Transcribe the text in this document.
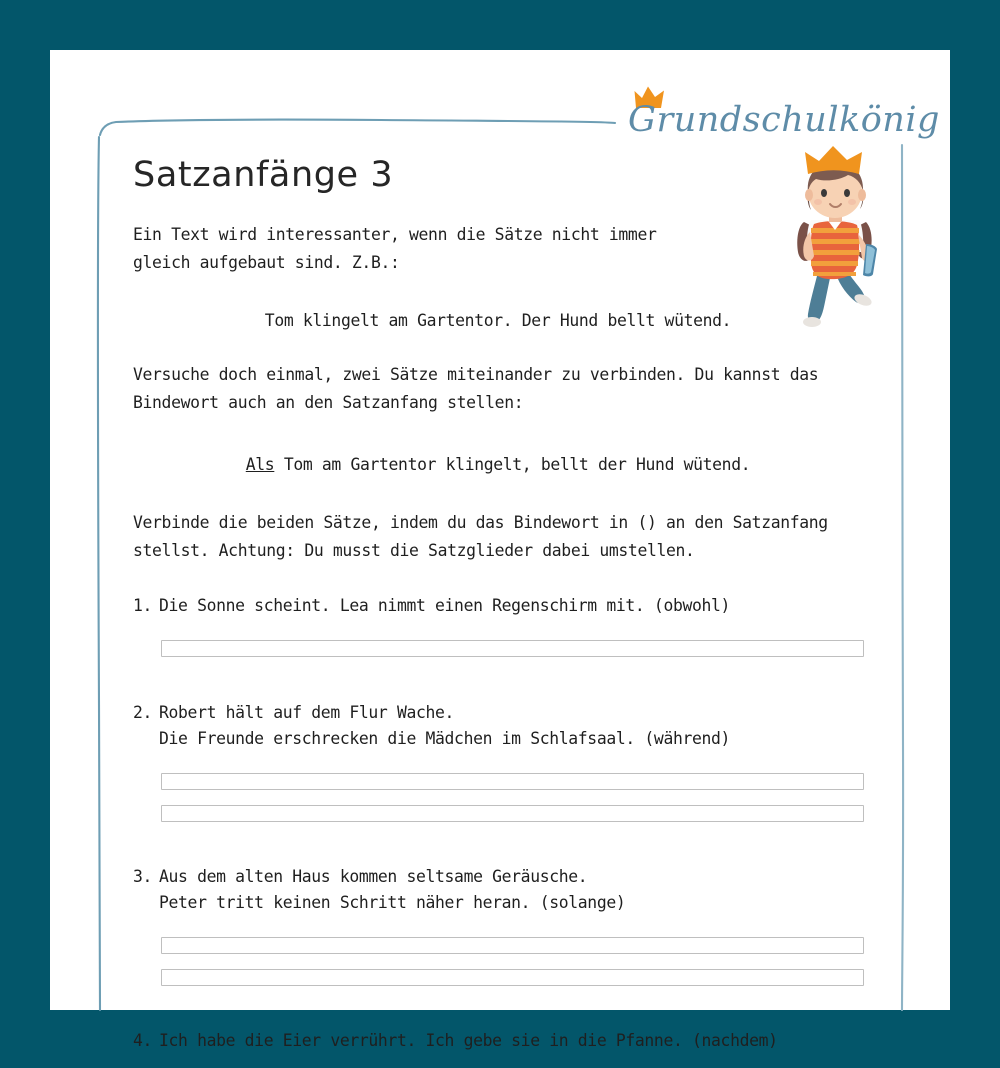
Grundschulkönig
Satzanfänge 3
Ein Text wird interessanter, wenn die Sätze nicht immer gleich aufgebaut sind. Z.B.:
Tom klingelt am Gartentor. Der Hund bellt wütend.
Versuche doch einmal, zwei Sätze miteinander zu verbinden. Du kannst das Bindewort auch an den Satzanfang stellen:
Als Tom am Gartentor klingelt, bellt der Hund wütend.
Verbinde die beiden Sätze, indem du das Bindewort in () an den Satzanfang stellst. Achtung: Du musst die Satzglieder dabei umstellen.
1. Die Sonne scheint. Lea nimmt einen Regenschirm mit. (obwohl)
2. Robert hält auf dem Flur Wache.
Die Freunde erschrecken die Mädchen im Schlafsaal. (während)
3. Aus dem alten Haus kommen seltsame Geräusche.
Peter tritt keinen Schritt näher heran. (solange)
4. Ich habe die Eier verrührt. Ich gebe sie in die Pfanne. (nachdem)
